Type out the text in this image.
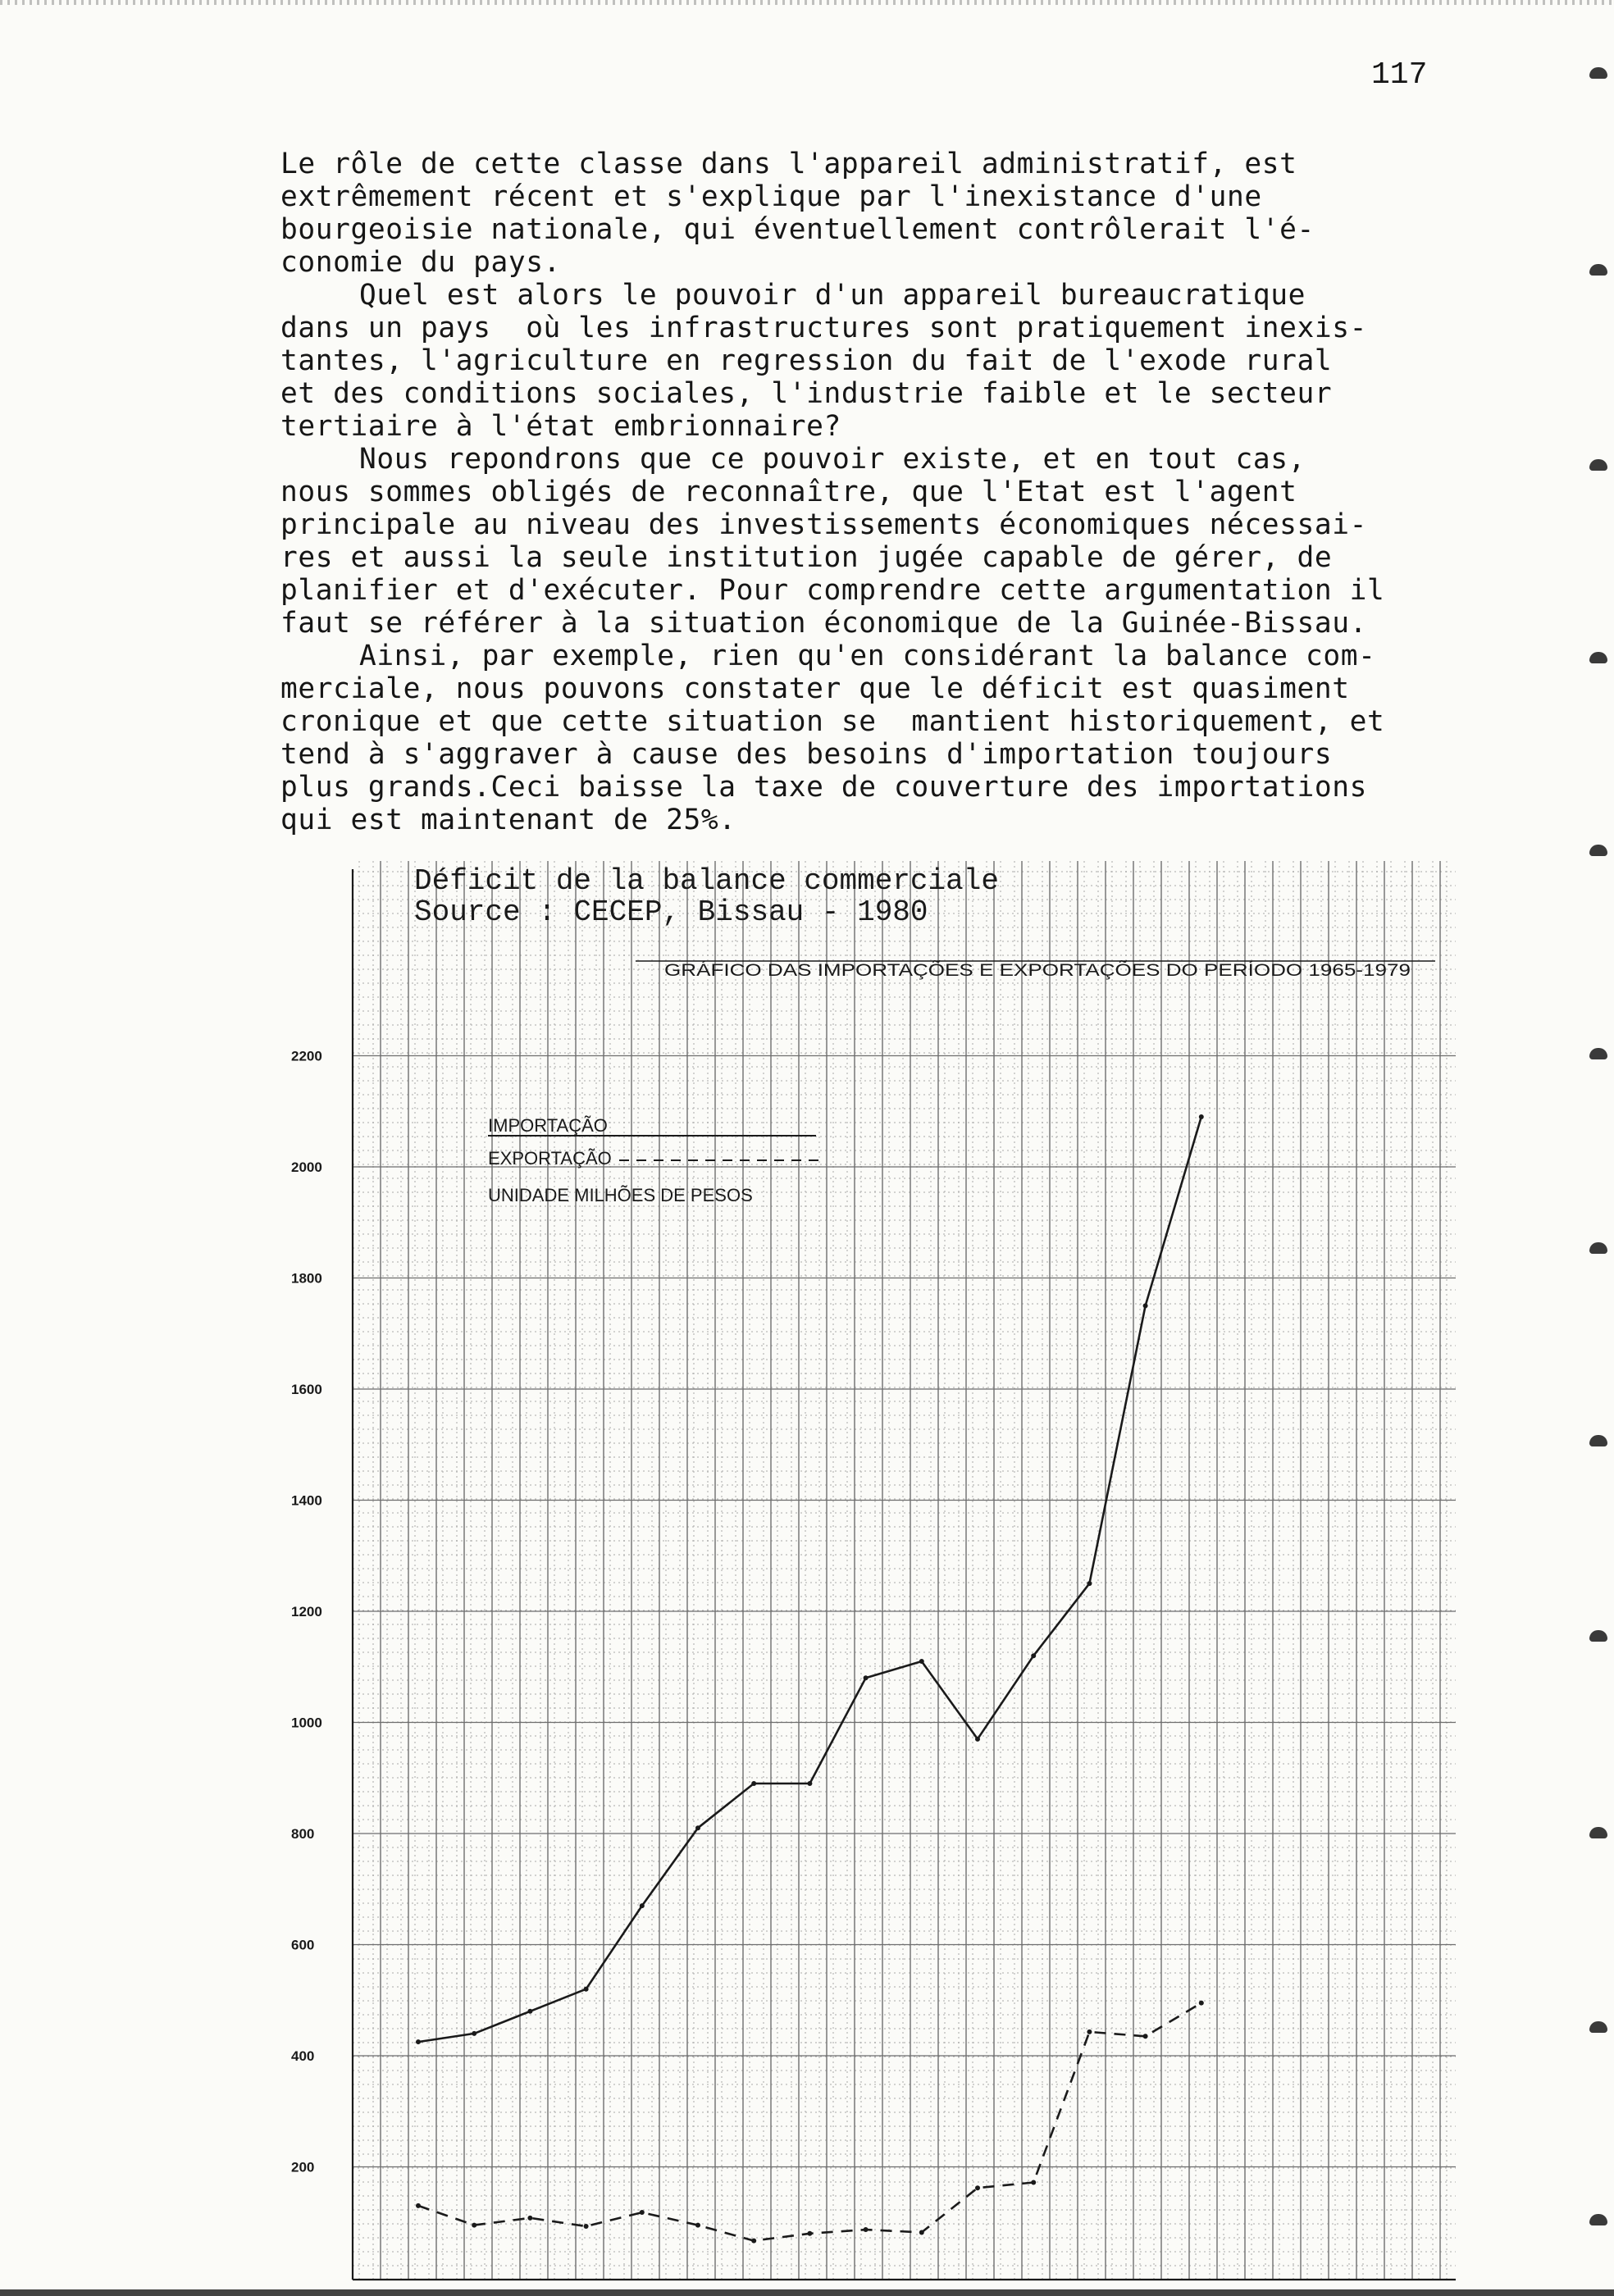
117
Le rôle de cette classe dans l'appareil administratif, est
extrêmement récent et s'explique par l'inexistance d'une
bourgeoisie nationale, qui éventuellement contrôlerait l'é-
conomie du pays.
Quel est alors le pouvoir d'un appareil bureaucratique
dans un pays  où les infrastructures sont pratiquement inexis-
tantes, l'agriculture en regression du fait de l'exode rural
et des conditions sociales, l'industrie faible et le secteur
tertiaire à l'état embrionnaire?
Nous repondrons que ce pouvoir existe, et en tout cas,
nous sommes obligés de reconnaître, que l'Etat est l'agent
principale au niveau des investissements économiques nécessai-
res et aussi la seule institution jugée capable de gérer, de
planifier et d'exécuter. Pour comprendre cette argumentation il
faut se référer à la situation économique de la Guinée-Bissau.
Ainsi, par exemple, rien qu'en considérant la balance com-
merciale, nous pouvons constater que le déficit est quasiment
cronique et que cette situation se  mantient historiquement, et
tend à s'aggraver à cause des besoins d'importation toujours
plus grands.Ceci baisse la taxe de couverture des importations
qui est maintenant de 25%.
200
400
600
800
1000
1200
1400
1600
1800
2000
2200
Déficit de la balance commerciale
Source : CECEP, Bissau - 1980
GRÁFICO DAS IMPORTAÇÕES E EXPORTAÇÕES DO PERÍODO 1965-1979
IMPORTAÇÃO
EXPORTAÇÃO
UNIDADE MILHÕES DE PESOS
